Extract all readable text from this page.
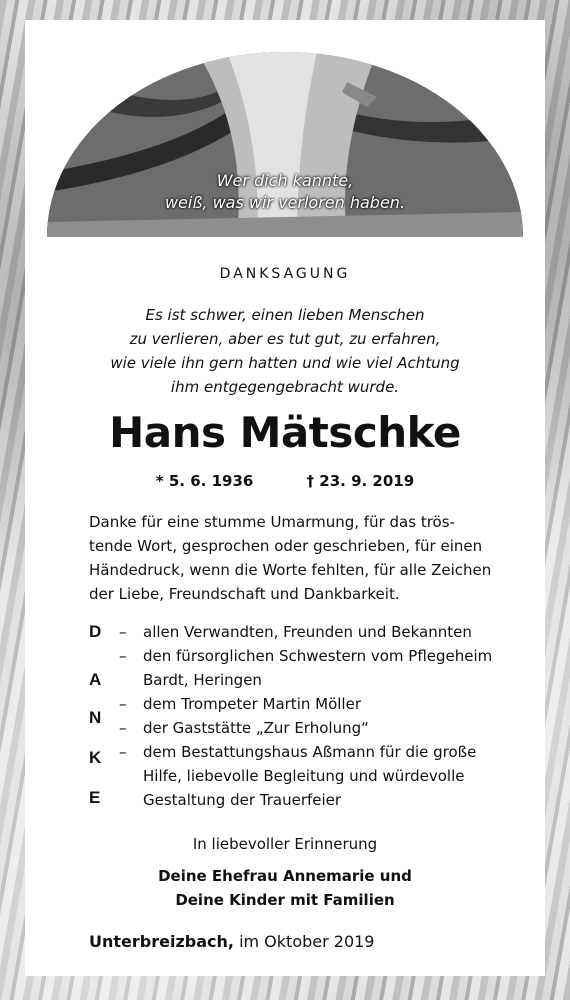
Wer dich kannte,
weiß, was wir verloren haben.
DANKSAGUNG
Es ist schwer, einen lieben Menschen
zu verlieren, aber es tut gut, zu erfahren,
wie viele ihn gern hatten und wie viel Achtung
ihm entgegengebracht wurde.
Hans Mätschke
* 5. 6. 1936	† 23. 9. 2019
Danke für eine stumme Umarmung, für das trös-
tende Wort, gesprochen oder geschrieben, für einen
Händedruck, wenn die Worte fehlten, für alle Zeichen
der Liebe, Freundschaft und Dankbarkeit.
D
A
N
K
E
– allen Verwandten, Freunden und Bekannten
– den fürsorglichen Schwestern vom Pflegeheim
Bardt, Heringen
– dem Trompeter Martin Möller
– der Gaststätte „Zur Erholung“
– dem Bestattungshaus Aßmann für die große
Hilfe, liebevolle Begleitung und würdevolle
Gestaltung der Trauerfeier
In liebevoller Erinnerung
Deine Ehefrau Annemarie und
Deine Kinder mit Familien
Unterbreizbach, im Oktober 2019
